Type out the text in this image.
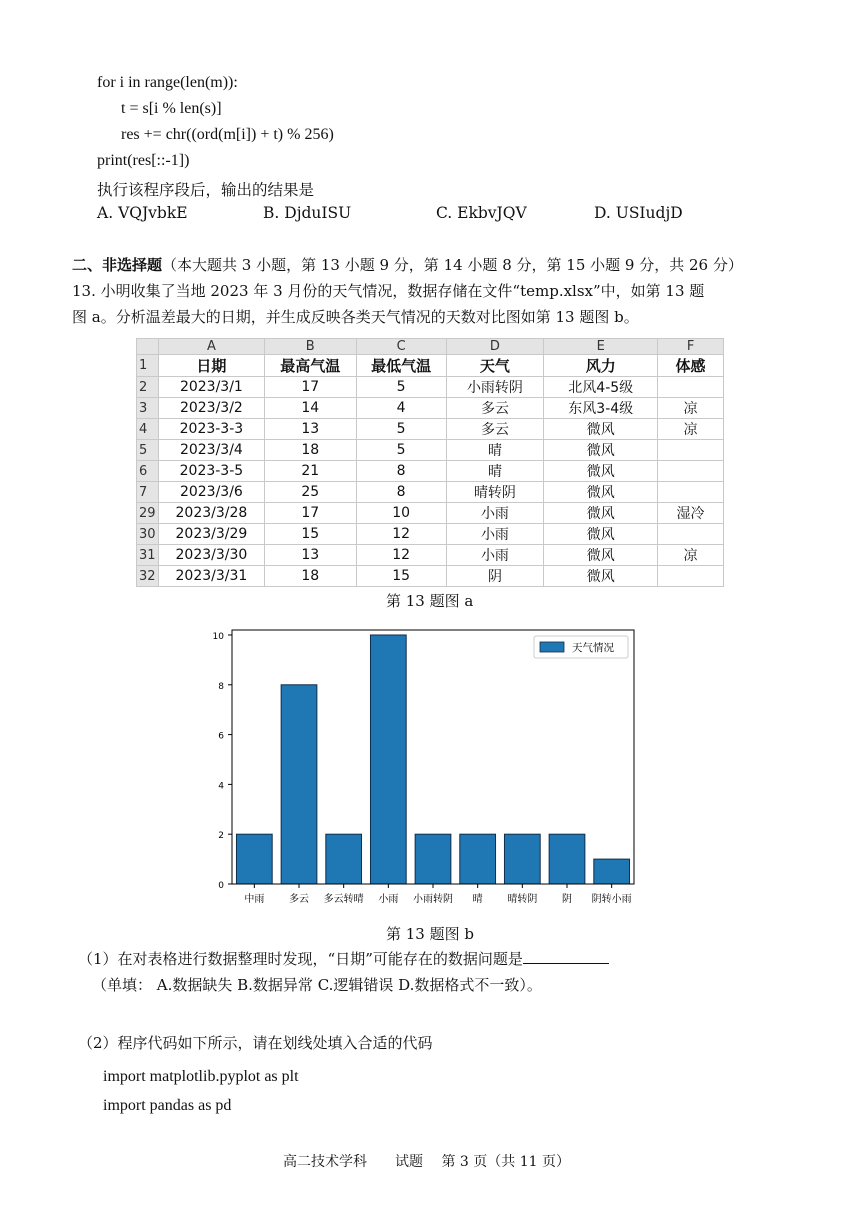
for i in range(len(m)):
t = s[i % len(s)]
res += chr((ord(m[i]) + t) % 256)
print(res[::-1])
执行该程序段后，输出的结果是
A. VQJvbkE	B. DjduISU	C. EkbvJQV	D. USIudjD
二、非选择题（本大题共 3 小题，第 13 小题 9 分，第 14 小题 8 分，第 15 小题 9 分，共 26 分）
13. 小明收集了当地 2023 年 3 月份的天气情况，数据存储在文件“temp.xlsx”中，如第 13 题
图 a。分析温差最大的日期，并生成反映各类天气情况的天数对比图如第 13 题图 b。
	A	B	C	D	E	F
1	日期	最高气温	最低气温	天气	风力	体感
2	2023/3/1	17	5	小雨转阴	北风4-5级	
3	2023/3/2	14	4	多云	东风3-4级	凉
4	2023-3-3	13	5	多云	微风	凉
5	2023/3/4	18	5	晴	微风	
6	2023-3-5	21	8	晴	微风	
7	2023/3/6	25	8	晴转阴	微风	
29	2023/3/28	17	10	小雨	微风	湿冷
30	2023/3/29	15	12	小雨	微风	
31	2023/3/30	13	12	小雨	微风	凉
32	2023/3/31	18	15	阴	微风	
第 13 题图 a
0
2
4
6
8
10
中雨 多云 多云转晴 小雨 小雨转阴 晴 晴转阴 阴 阴转小雨
天气情况
第 13 题图 b
（1）在对表格进行数据整理时发现，“日期”可能存在的数据问题是
（单填： A.数据缺失 B.数据异常 C.逻辑错误 D.数据格式不一致）。
（2）程序代码如下所示，请在划线处填入合适的代码
import matplotlib.pyplot as plt
import pandas as pd
高二技术学科　　试题　 第 3 页（共 11 页）
